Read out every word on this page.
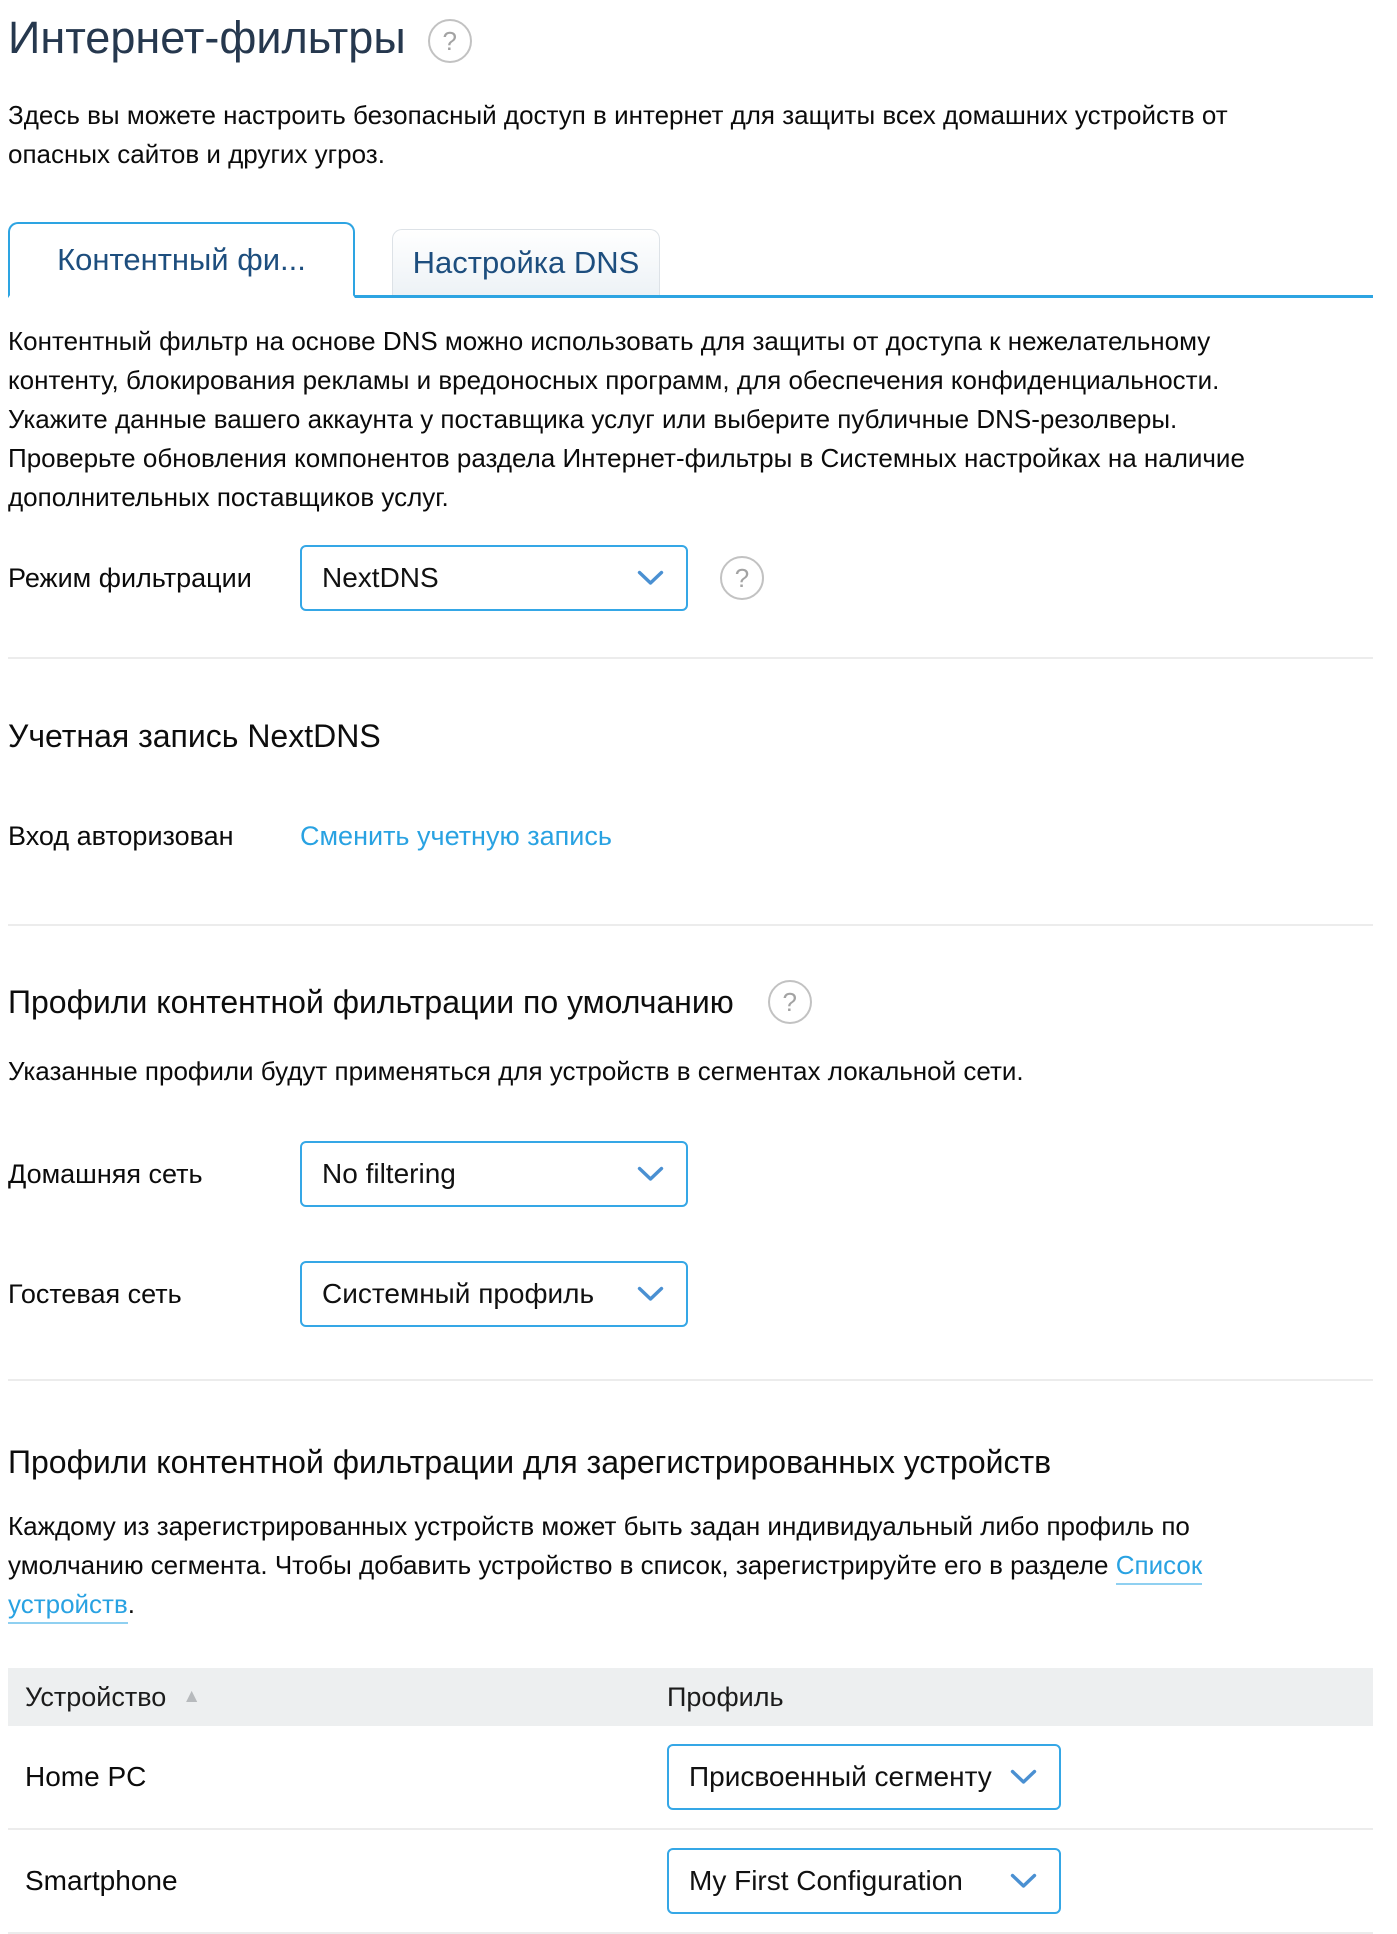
Интернет-фильтры	?

Здесь вы можете настроить безопасный доступ в интернет для защиты всех домашних устройств от опасных сайтов и других угроз.

Контентный фи...	Настройка DNS

Контентный фильтр на основе DNS можно использовать для защиты от доступа к нежелательному контенту, блокирования рекламы и вредоносных программ, для обеспечения конфиденциальности. Укажите данные вашего аккаунта у поставщика услуг или выберите публичные DNS-резолверы. Проверьте обновления компонентов раздела Интернет-фильтры в Системных настройках на наличие дополнительных поставщиков услуг.

Режим фильтрации	NextDNS	?
Учетная запись NextDNS
Вход авторизован	Сменить учетную запись
Профили контентной фильтрации по умолчанию	?

Указанные профили будут применяться для устройств в сегментах локальной сети.

Домашняя сеть	No filtering
Гостевая сеть	Системный профиль
Профили контентной фильтрации для зарегистрированных устройств

Каждому из зарегистрированных устройств может быть задан индивидуальный либо профиль по умолчанию сегмента. Чтобы добавить устройство в список, зарегистрируйте его в разделе Список устройств.

Устройство ▲	Профиль
Home PC	Присвоенный сегменту
Smartphone	My First Configuration
